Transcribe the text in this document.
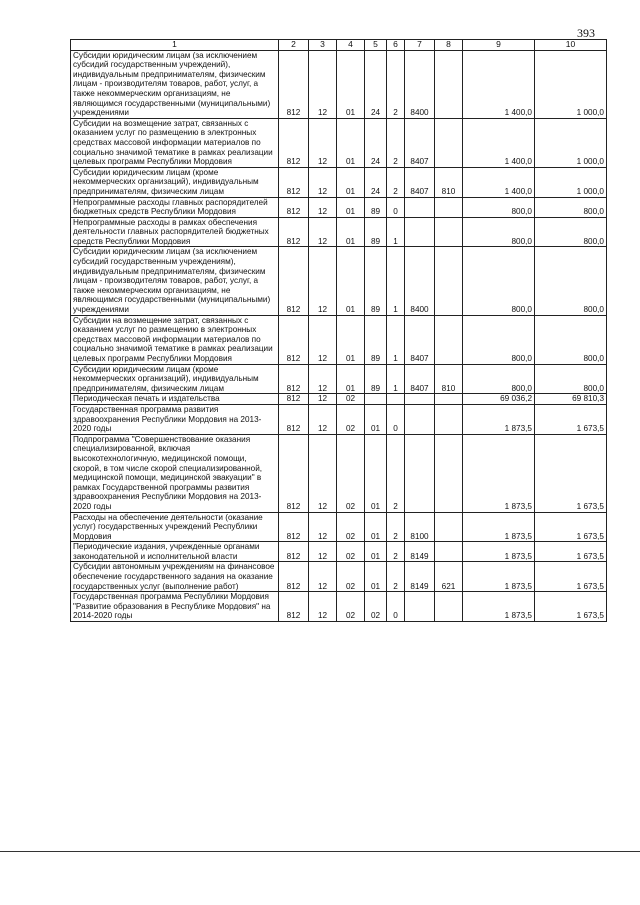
393
1	2	3	4	5	6	7	8	9	10
Субсидии юридическим лицам (за исключением субсидий государственным учреждений), индивидуальным предпринимателям, физическим лицам - производителям товаров, работ, услуг, а также некоммерческим организациям, не являющимся государственными (муниципальными) учреждениями	812	12	01	24	2	8400		1 400,0	1 000,0
Субсидии на возмещение затрат, связанных с оказанием услуг по размещению в электронных средствах массовой информации материалов по социально значимой тематике в рамках реализации целевых программ Республики Мордовия	812	12	01	24	2	8407		1 400,0	1 000,0
Субсидии юридическим лицам (кроме некоммерческих организаций), индивидуальным предпринимателям, физическим лицам	812	12	01	24	2	8407	810	1 400,0	1 000,0
Непрограммные расходы главных распорядителей бюджетных средств Республики Мордовия	812	12	01	89	0			800,0	800,0
Непрограммные расходы в рамках обеспечения деятельности главных распорядителей бюджетных средств Республики Мордовия	812	12	01	89	1			800,0	800,0
Субсидии юридическим лицам (за исключением субсидий государственным учреждениям), индивидуальным предпринимателям, физическим лицам - производителям товаров, работ, услуг, а также некоммерческим организациям, не являющимся государственными (муниципальными) учреждениями	812	12	01	89	1	8400		800,0	800,0
Субсидии на возмещение затрат, связанных с оказанием услуг по размещению в электронных средствах массовой информации материалов по социально значимой тематике в рамках реализации целевых программ Республики Мордовия	812	12	01	89	1	8407		800,0	800,0
Субсидии юридическим лицам (кроме некоммерческих организаций), индивидуальным предпринимателям, физическим лицам	812	12	01	89	1	8407	810	800,0	800,0
Периодическая печать и издательства	812	12	02					69 036,2	69 810,3
Государственная программа развития здравоохранения Республики Мордовия на 2013-2020 годы	812	12	02	01	0			1 873,5	1 673,5
Подпрограмма "Совершенствование оказания специализированной, включая высокотехнологичную, медицинской помощи, скорой, в том числе скорой специализированной, медицинской помощи, медицинской эвакуации" в рамках Государственной программы развития здравоохранения Республики Мордовия на 2013-2020 годы	812	12	02	01	2			1 873,5	1 673,5
Расходы на обеспечение деятельности (оказание услуг) государственных учреждений Республики Мордовия	812	12	02	01	2	8100		1 873,5	1 673,5
Периодические издания, учрежденные органами законодательной и исполнительной власти	812	12	02	01	2	8149		1 873,5	1 673,5
Субсидии автономным учреждениям на финансовое обеспечение государственного задания на оказание государственных услуг (выполнение работ)	812	12	02	01	2	8149	621	1 873,5	1 673,5
Государственная программа Республики Мордовия "Развитие образования в Республике Мордовия" на 2014-2020 годы	812	12	02	02	0			1 873,5	1 673,5
